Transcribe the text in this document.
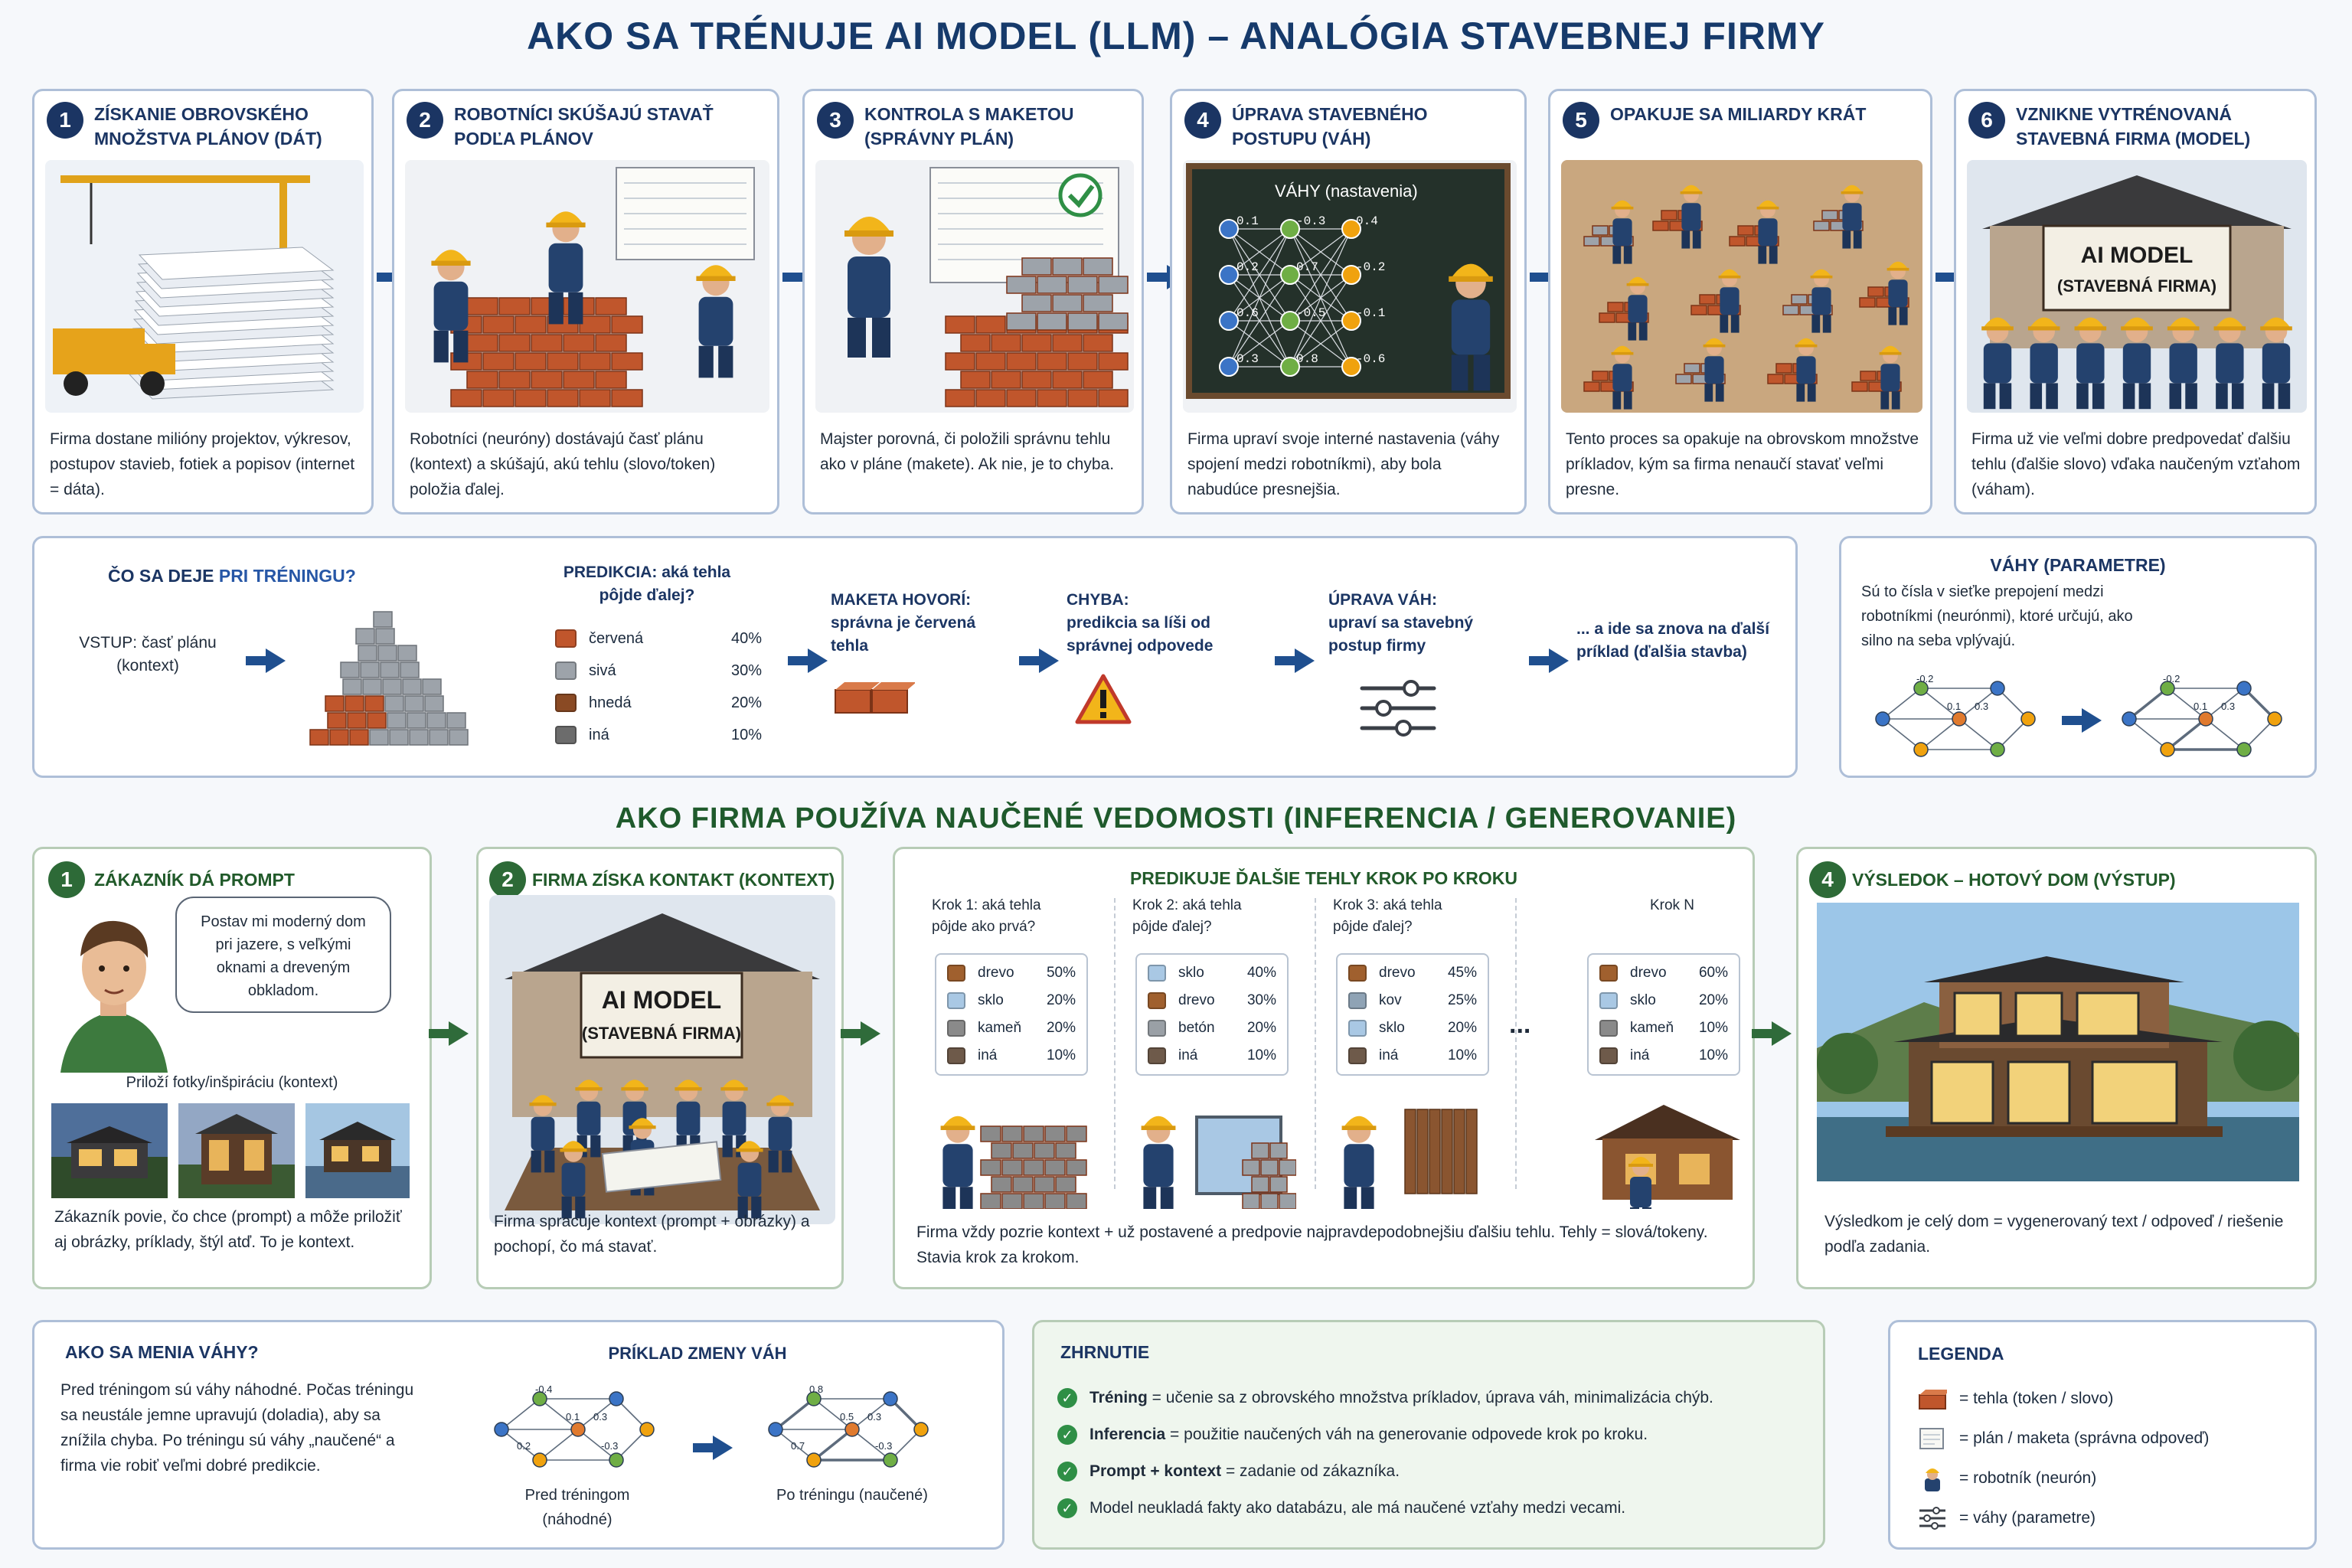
AKO SA TRÉNUJE AI MODEL (LLM) – ANALÓGIA STAVEBNEJ FIRMY
1	ZÍSKANIE OBROVSKÉHO MNOŽSTVA PLÁNOV (DÁT)
Firma dostane milióny projektov, výkresov, postupov stavieb, fotiek a popisov (internet = dáta).
2	ROBOTNÍCI SKÚŠAJÚ STAVAŤ PODĽA PLÁNOV
Robotníci (neuróny) dostávajú časť plánu (kontext) a skúšajú, akú tehlu (slovo/token) položia ďalej.
3	KONTROLA S MAKETOU (SPRÁVNY PLÁN)
Majster porovná, či položili správnu tehlu ako v pláne (makete). Ak nie, je to chyba.
4	ÚPRAVA STAVEBNÉHO POSTUPU (VÁH)
VÁHY (nastavenia)
0.1	-0.3 0.4
0.2	0.7	-0.2
0.6	-0.5 -0.1
0.3	0.8	-0.6
Firma upraví svoje interné nastavenia (váhy spojení medzi robotníkmi), aby bola nabudúce presnejšia.
5	OPAKUJE SA MILIARDY KRÁT
Tento proces sa opakuje na obrovskom množstve príkladov, kým sa firma nenaučí stavať veľmi presne.
6	VZNIKNE VYTRÉNOVANÁ STAVEBNÁ FIRMA (MODEL)
AI MODEL
(STAVEBNÁ FIRMA)
Firma už vie veľmi dobre predpovedať ďalšiu tehlu (ďalšie slovo) vďaka naučeným vzťahom (váham).
ČO SA DEJE PRI TRÉNINGU?
VSTUP: časť plánu (kontext)
PREDIKCIA: aká tehla pôjde ďalej?
červená	40%
sivá	30%
hnedá	20%
iná	10%
MAKETA HOVORÍ:
správna je červená tehla
CHYBA:
predikcia sa líši od správnej odpovede
ÚPRAVA VÁH:
upraví sa stavebný postup firmy
... a ide sa znova na ďalší príklad (ďalšia stavba)
VÁHY (PARAMETRE)
Sú to čísla v sieťke prepojení medzi robotníkmi (neurónmi), ktoré určujú, ako silno na seba vplývajú.
-0.2
0.1 0.3
-0.2
0.1 0.3
AKO FIRMA POUŽÍVA NAUČENÉ VEDOMOSTI (INFERENCIA / GENEROVANIE)
1	ZÁKAZNÍK DÁ PROMPT
Postav mi moderný dom pri jazere, s veľkými oknami a dreveným obkladom.
Priloží fotky/inšpiráciu (kontext)
Zákazník povie, čo chce (prompt) a môže priložiť aj obrázky, príklady, štýl atď. To je kontext.
2	FIRMA ZÍSKA KONTAKT (KONTEXT)
AI MODEL
(STAVEBNÁ FIRMA)
Firma spracuje kontext (prompt + obrázky) a pochopí, čo má stavať.
PREDIKUJE ĎALŠIE TEHLY KROK PO KROKU
Krok 1: aká tehla pôjde ako prvá?
drevo	50%
sklo	20%
kameň	20%
iná	10%
Krok 2: aká tehla pôjde ďalej?
sklo	40%
drevo	30%
betón	20%
iná	10%
Krok 3: aká tehla pôjde ďalej?
drevo	45%
kov	25%
sklo	20%
iná	10%
Krok N
drevo	60%
sklo	20%
kameň	10%
iná	10%
...
Firma vždy pozrie kontext + už postavené a predpovie najpravdepodobnejšiu ďalšiu tehlu. Tehly = slová/tokeny. Stavia krok za krokom.
4	VÝSLEDOK – HOTOVÝ DOM (VÝSTUP)
Výsledkom je celý dom = vygenerovaný text / odpoveď / riešenie podľa zadania.
AKO SA MENIA VÁHY?
Pred tréningom sú váhy náhodné. Počas tréningu sa neustále jemne upravujú (doladia), aby sa znížila chyba. Po tréningu sú váhy „naučené“ a firma vie robiť veľmi dobré predikcie.
PRÍKLAD ZMENY VÁH
-0.4
0.1 0.3
0.2	-0.3
0.8
0.5 0.3
0.7	-0.3
Pred tréningom (náhodné)
Po tréningu (naučené)
ZHRNUTIE
✓ Tréning = učenie sa z obrovského množstva príkladov, úprava váh, minimalizácia chýb.
✓ Inferencia = použitie naučených váh na generovanie odpovede krok po kroku.
✓ Prompt + kontext = zadanie od zákazníka.
✓ Model neukladá fakty ako databázu, ale má naučené vzťahy medzi vecami.
LEGENDA
= tehla (token / slovo)
= plán / maketa (správna odpoveď)
= robotník (neurón)
= váhy (parametre)
